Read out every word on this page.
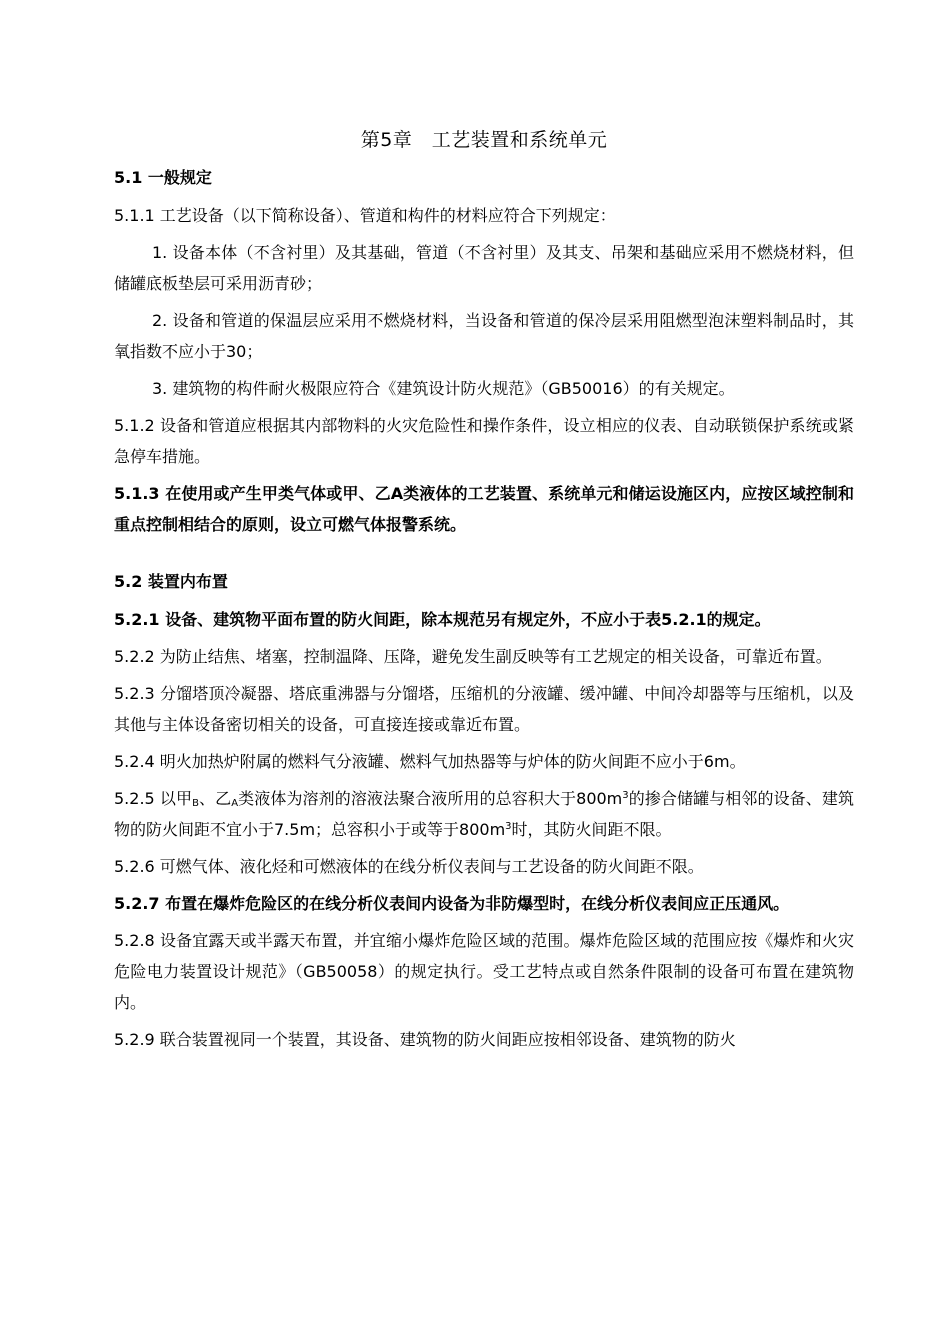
第5章　工艺装置和系统单元
5.1 一般规定

5.1.1 工艺设备（以下简称设备）、管道和构件的材料应符合下列规定：

1. 设备本体（不含衬里）及其基础，管道（不含衬里）及其支、吊架和基础应采用不燃烧材料，但储罐底板垫层可采用沥青砂；

2. 设备和管道的保温层应采用不燃烧材料，当设备和管道的保冷层采用阻燃型泡沫塑料制品时，其氧指数不应小于30；

3. 建筑物的构件耐火极限应符合《建筑设计防火规范》（GB50016）的有关规定。

5.1.2 设备和管道应根据其内部物料的火灾危险性和操作条件，设立相应的仪表、自动联锁保护系统或紧急停车措施。

5.1.3 在使用或产生甲类气体或甲、乙A类液体的工艺装置、系统单元和储运设施区内，应按区域控制和重点控制相结合的原则，设立可燃气体报警系统。

5.2 装置内布置

5.2.1 设备、建筑物平面布置的防火间距，除本规范另有规定外，不应小于表5.2.1的规定。

5.2.2 为防止结焦、堵塞，控制温降、压降，避免发生副反映等有工艺规定的相关设备，可靠近布置。

5.2.3 分馏塔顶冷凝器、塔底重沸器与分馏塔，压缩机的分液罐、缓冲罐、中间冷却器等与压缩机，以及其他与主体设备密切相关的设备，可直接连接或靠近布置。

5.2.4 明火加热炉附属的燃料气分液罐、燃料气加热器等与炉体的防火间距不应小于6m。

5.2.5 以甲$_B$、乙$_A$类液体为溶剂的溶液法聚合液所用的总容积大于$800m^3$的掺合储罐与相邻的设备、建筑物的防火间距不宜小于7.5m；总容积小于或等于$800m^3$时，其防火间距不限。

5.2.6 可燃气体、液化烃和可燃液体的在线分析仪表间与工艺设备的防火间距不限。

5.2.7 布置在爆炸危险区的在线分析仪表间内设备为非防爆型时，在线分析仪表间应正压通风。

5.2.8 设备宜露天或半露天布置，并宜缩小爆炸危险区域的范围。爆炸危险区域的范围应按《爆炸和火灾危险电力装置设计规范》（GB50058）的规定执行。受工艺特点或自然条件限制的设备可布置在建筑物内。

5.2.9 联合装置视同一个装置，其设备、建筑物的防火间距应按相邻设备、建筑物的防火
